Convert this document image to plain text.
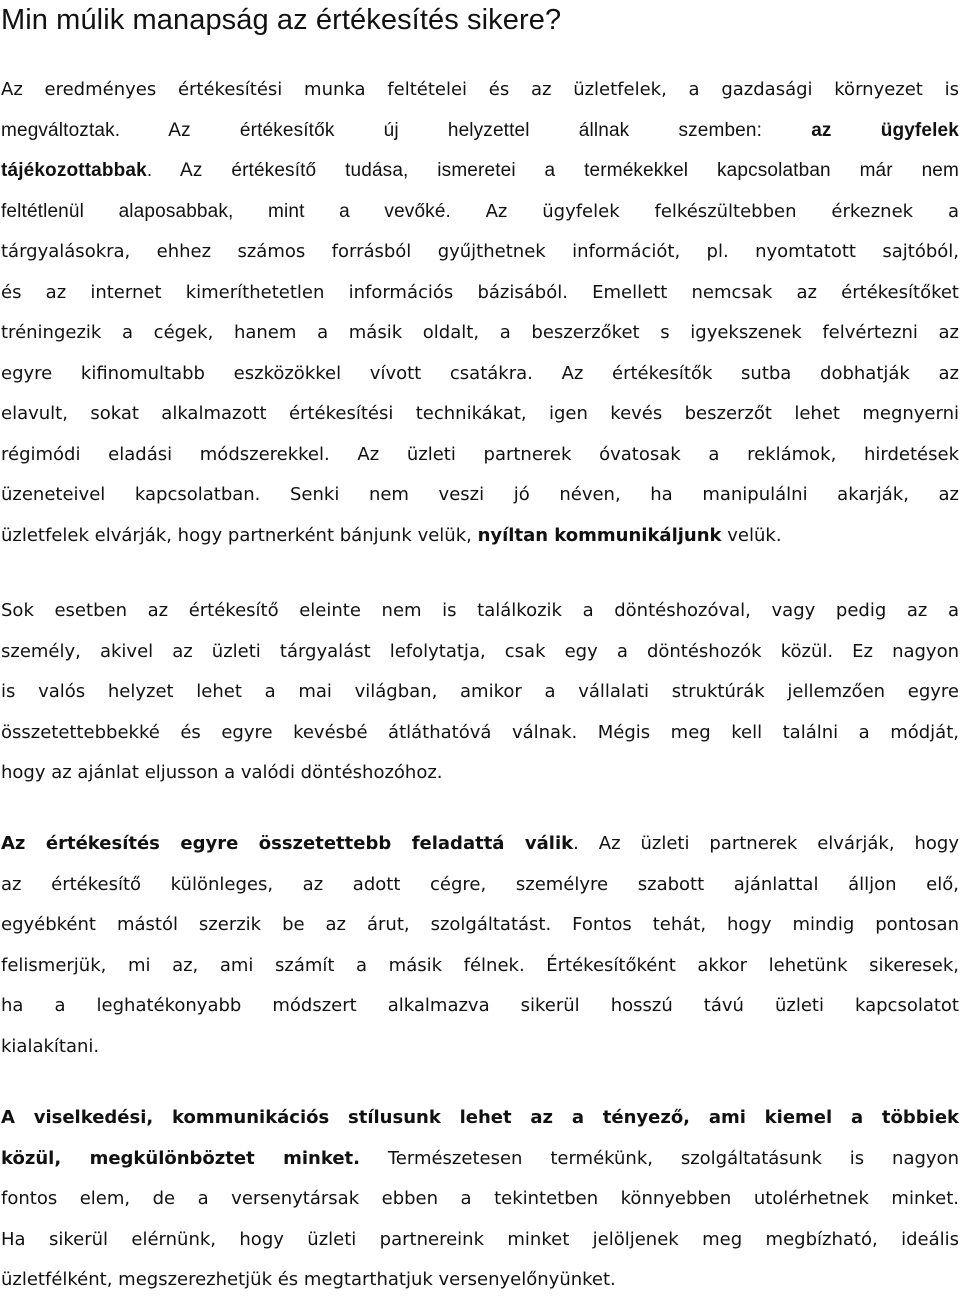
Min múlik manapság az értékesítés sikere?
Az eredményes értékesítési munka feltételei és az üzletfelek, a gazdasági környezet is
megváltoztak. Az értékesítők új helyzettel állnak szemben: az ügyfelek
tájékozottabbak. Az értékesítő tudása, ismeretei a termékekkel kapcsolatban már nem
feltétlenül alaposabbak, mint a vevőké. Az ügyfelek felkészültebben érkeznek a
tárgyalásokra, ehhez számos forrásból gyűjthetnek információt, pl. nyomtatott sajtóból,
és az internet kimeríthetetlen információs bázisából. Emellett nemcsak az értékesítőket
tréningezik a cégek, hanem a másik oldalt, a beszerzőket s igyekszenek felvértezni az
egyre kifinomultabb eszközökkel vívott csatákra. Az értékesítők sutba dobhatják az
elavult, sokat alkalmazott értékesítési technikákat, igen kevés beszerzőt lehet megnyerni
régimódi eladási módszerekkel. Az üzleti partnerek óvatosak a reklámok, hirdetések
üzeneteivel kapcsolatban. Senki nem veszi jó néven, ha manipulálni akarják, az
üzletfelek elvárják, hogy partnerként bánjunk velük, nyíltan kommunikáljunk velük.
Sok esetben az értékesítő eleinte nem is találkozik a döntéshozóval, vagy pedig az a
személy, akivel az üzleti tárgyalást lefolytatja, csak egy a döntéshozók közül. Ez nagyon
is valós helyzet lehet a mai világban, amikor a vállalati struktúrák jellemzően egyre
összetettebbekké és egyre kevésbé átláthatóvá válnak. Mégis meg kell találni a módját,
hogy az ajánlat eljusson a valódi döntéshozóhoz.
Az értékesítés egyre összetettebb feladattá válik. Az üzleti partnerek elvárják, hogy
az értékesítő különleges, az adott cégre, személyre szabott ajánlattal álljon elő,
egyébként mástól szerzik be az árut, szolgáltatást. Fontos tehát, hogy mindig pontosan
felismerjük, mi az, ami számít a másik félnek. Értékesítőként akkor lehetünk sikeresek,
ha a leghatékonyabb módszert alkalmazva sikerül hosszú távú üzleti kapcsolatot
kialakítani.
A viselkedési, kommunikációs stílusunk lehet az a tényező, ami kiemel a többiek
közül, megkülönböztet minket. Természetesen termékünk, szolgáltatásunk is nagyon
fontos elem, de a versenytársak ebben a tekintetben könnyebben utolérhetnek minket.
Ha sikerül elérnünk, hogy üzleti partnereink minket jelöljenek meg megbízható, ideális
üzletfélként, megszerezhetjük és megtarthatjuk versenyelőnyünket.
